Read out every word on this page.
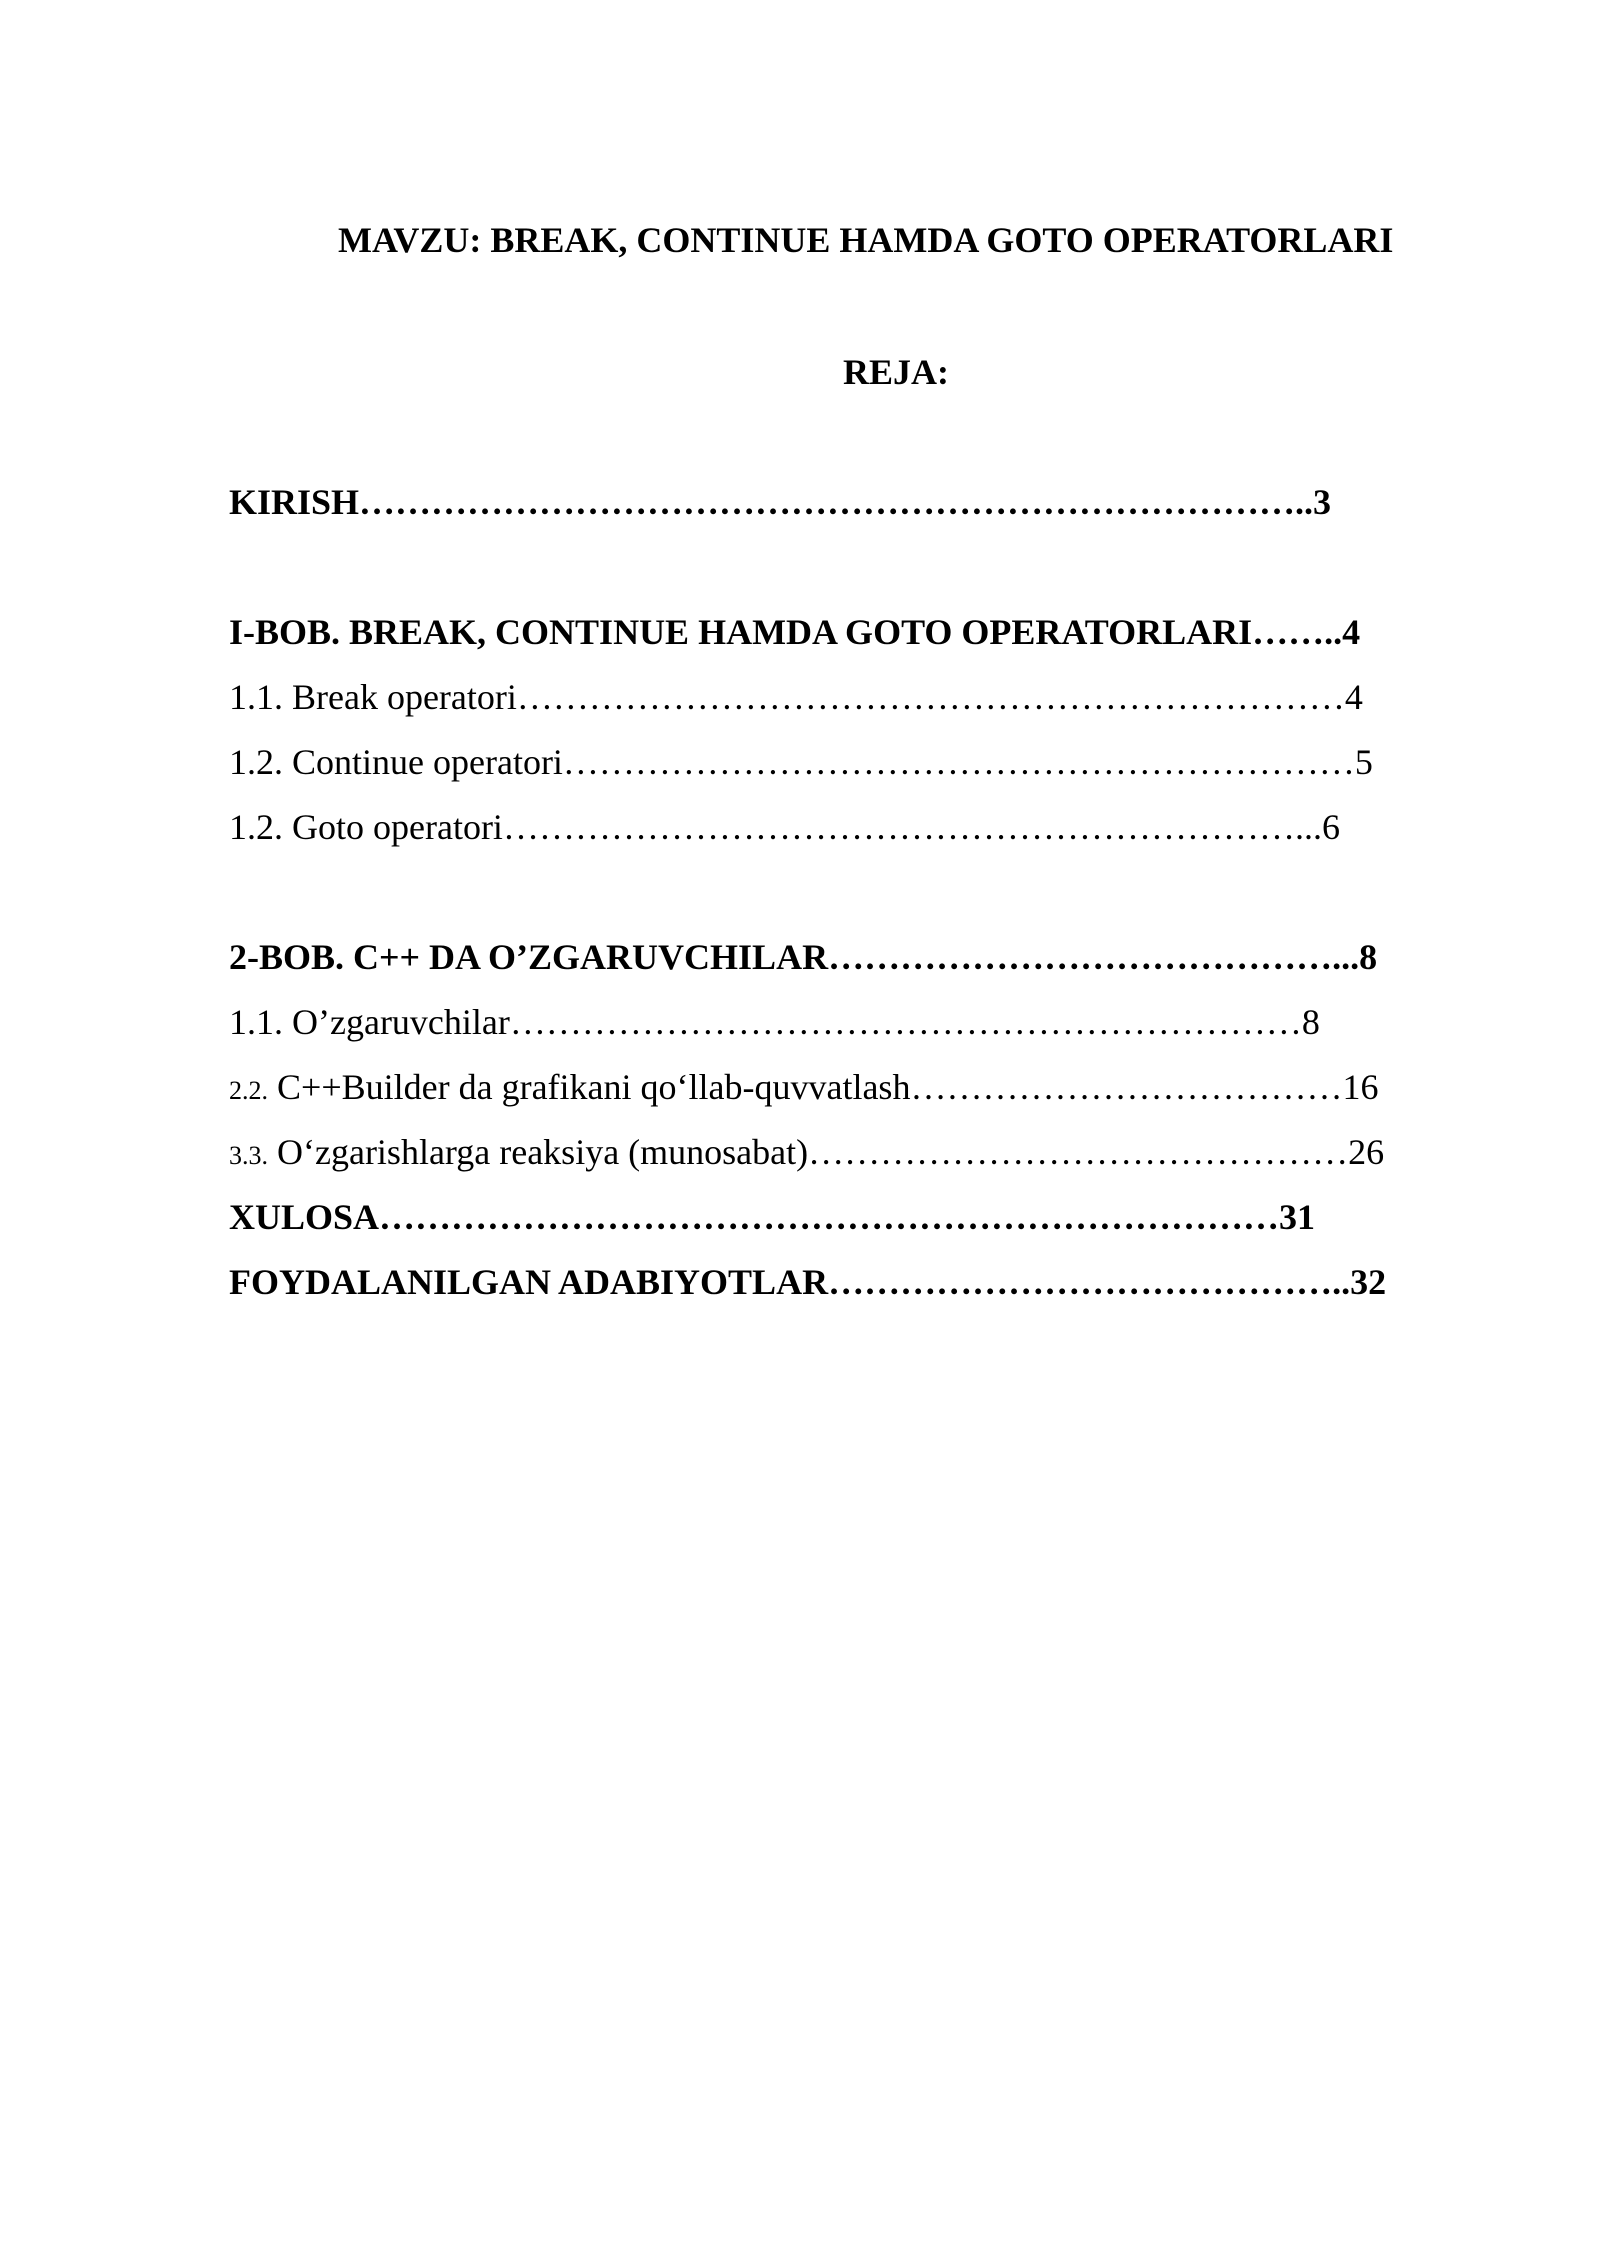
MAVZU: BREAK, CONTINUE HAMDA GOTO OPERATORLARI
REJA:
KIRISH……………………………………………………………………..3
I-BOB. BREAK, CONTINUE HAMDA GOTO OPERATORLARI……..4
1.1. Break operatori……………………………………………………………4
1.2. Continue operatori…………………………………………………………5
1.2. Goto operatori…………………………………………………………...6
2-BOB. C++ DA O’ZGARUVCHILAR……………………………………...8
1.1. O’zgaruvchilar…………………………………………………………8
2.2. C++Builder da grafikani qo‘llab-quvvatlash………………………………16
3.3. O‘zgarishlarga reaksiya (munosabat)………………………………………26
XULOSA…………………………………………………………………31
FOYDALANILGAN ADABIYOTLAR……………………………………..32
